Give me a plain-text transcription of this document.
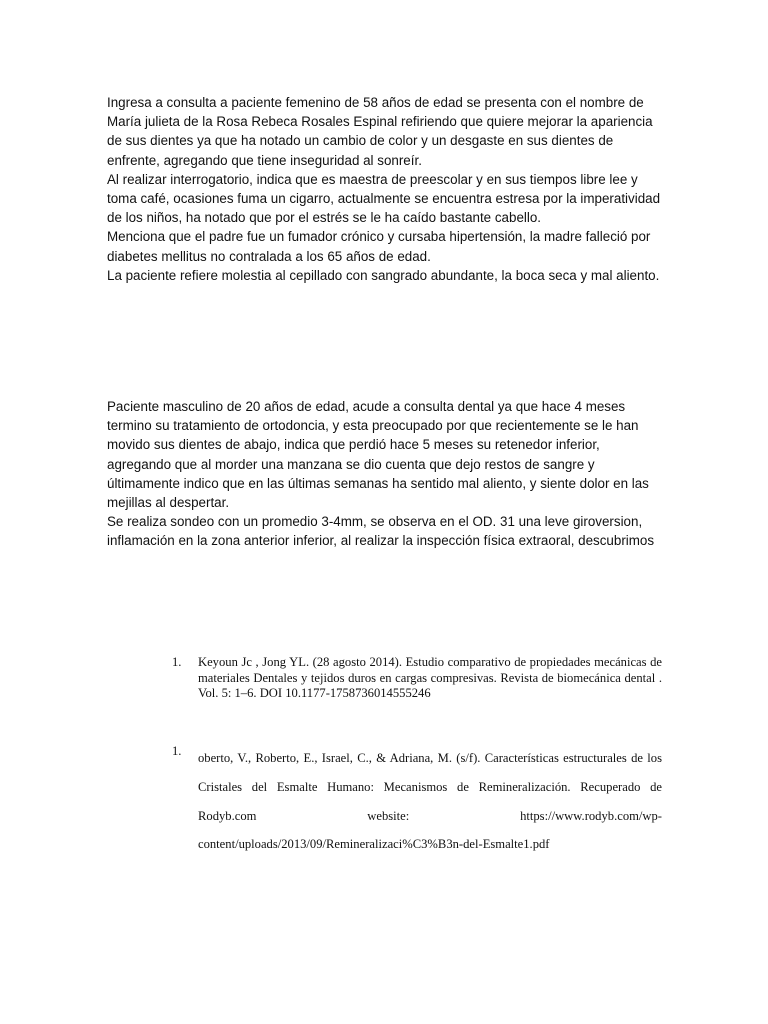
Ingresa a consulta a paciente femenino de 58 años de edad se presenta con el nombre de María julieta de la Rosa Rebeca Rosales Espinal refiriendo que quiere mejorar la apariencia de sus dientes ya que ha notado un cambio de color y un desgaste en sus dientes de enfrente, agregando que tiene inseguridad al sonreír.

Al realizar interrogatorio, indica que es maestra de preescolar y en sus tiempos libre lee y toma café, ocasiones fuma un cigarro, actualmente se encuentra estresa por la imperatividad de los niños, ha notado que por el estrés se le ha caído bastante cabello.

Menciona que el padre fue un fumador crónico y cursaba hipertensión, la madre falleció por diabetes mellitus no contralada a los 65 años de edad.

La paciente refiere molestia al cepillado con sangrado abundante, la boca seca y mal aliento.

Paciente masculino de 20 años de edad, acude a consulta dental ya que hace 4 meses termino su tratamiento de ortodoncia, y esta preocupado por que recientemente se le han movido sus dientes de abajo, indica que perdió hace 5 meses su retenedor inferior, agregando que al morder una manzana se dio cuenta que dejo restos de sangre y últimamente indico que en las últimas semanas ha sentido mal aliento, y siente dolor en las mejillas al despertar.

Se realiza sondeo con un promedio 3-4mm, se observa en el OD. 31 una leve giroversion, inflamación en la zona anterior inferior, al realizar la inspección física extraoral, descubrimos

1. Keyoun Jc , Jong YL. (28 agosto 2014). Estudio comparativo de propiedades mecánicas de materiales Dentales y tejidos duros en cargas compresivas. Revista de biomecánica dental . Vol. 5: 1–6. DOI 10.1177-1758736014555246
1. oberto, V., Roberto, E., Israel, C., & Adriana, M. (s/f). Características estructurales de los Cristales del Esmalte Humano: Mecanismos de Remineralización. Recuperado de Rodyb.com website: https://www.rodyb.com/wp-content/uploads/2013/09/Remineralizaci%C3%B3n-del-Esmalte1.pdf
